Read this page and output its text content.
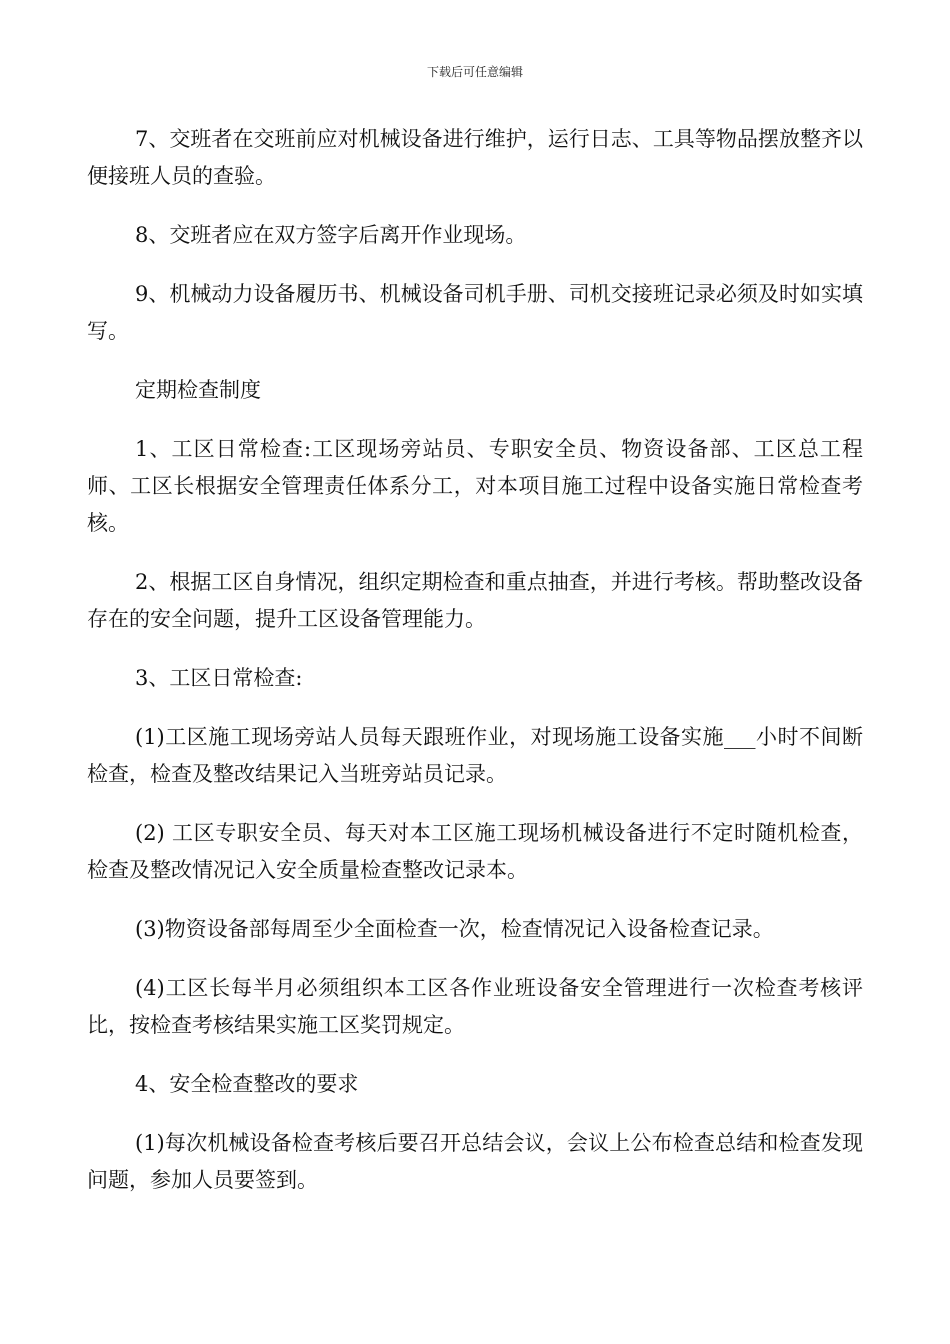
下载后可任意编辑

7、交班者在交班前应对机械设备进行维护，运行日志、工具等物品摆放整齐以便接班人员的查验。

8、交班者应在双方签字后离开作业现场。

9、机械动力设备履历书、机械设备司机手册、司机交接班记录必须及时如实填写。

定期检查制度

1、工区日常检查:工区现场旁站员、专职安全员、物资设备部、工区总工程师、工区长根据安全管理责任体系分工，对本项目施工过程中设备实施日常检查考核。

2、根据工区自身情况，组织定期检查和重点抽查，并进行考核。帮助整改设备存在的安全问题，提升工区设备管理能力。

3、工区日常检查:

(1)工区施工现场旁站人员每天跟班作业，对现场施工设备实施___小时不间断检查，检查及整改结果记入当班旁站员记录。

(2) 工区专职安全员、每天对本工区施工现场机械设备进行不定时随机检查，检查及整改情况记入安全质量检查整改记录本。

(3)物资设备部每周至少全面检查一次，检查情况记入设备检查记录。

(4)工区长每半月必须组织本工区各作业班设备安全管理进行一次检查考核评比，按检查考核结果实施工区奖罚规定。

4、安全检查整改的要求

(1)每次机械设备检查考核后要召开总结会议，会议上公布检查总结和检查发现问题，参加人员要签到。
